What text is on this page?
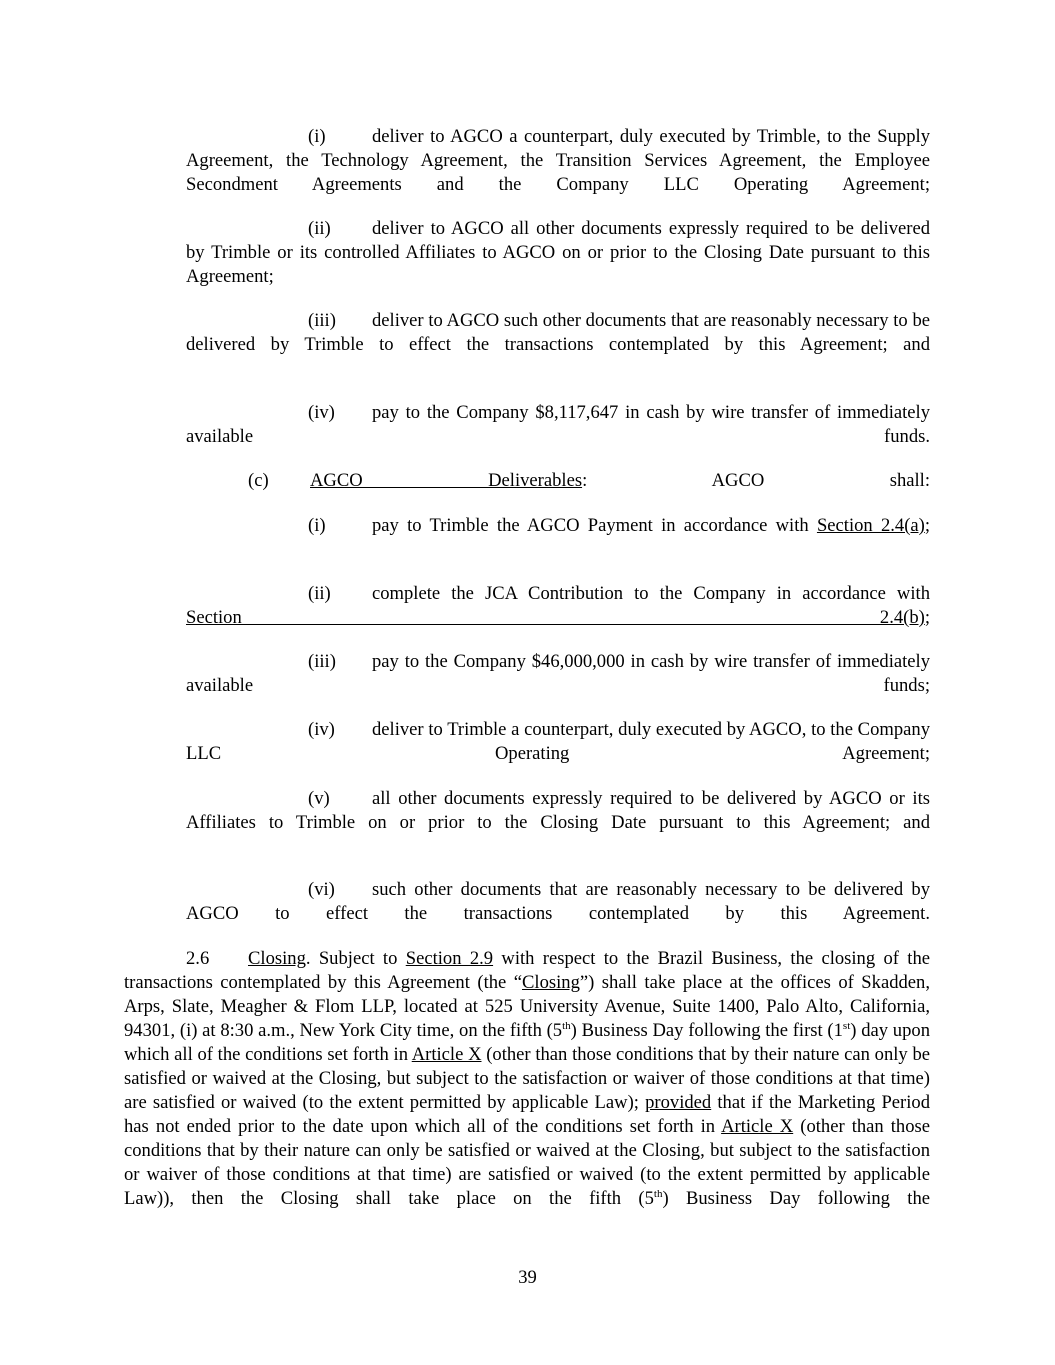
(i) deliver to AGCO a counterpart, duly executed by Trimble, to the Supply Agreement, the Technology Agreement, the Transition Services Agreement, the Employee Secondment Agreements and the Company LLC Operating Agreement;

(ii) deliver to AGCO all other documents expressly required to be delivered by Trimble or its controlled Affiliates to AGCO on or prior to the Closing Date pursuant to this Agreement;

(iii) deliver to AGCO such other documents that are reasonably necessary to be delivered by Trimble to effect the transactions contemplated by this Agreement; and

(iv) pay to the Company $8,117,647 in cash by wire transfer of immediately available funds.

(c) AGCO Deliverables: AGCO shall:

(i) pay to Trimble the AGCO Payment in accordance with Section 2.4(a);

(ii) complete the JCA Contribution to the Company in accordance with Section 2.4(b);

(iii) pay to the Company $46,000,000 in cash by wire transfer of immediately available funds;

(iv) deliver to Trimble a counterpart, duly executed by AGCO, to the Company LLC Operating Agreement;

(v) all other documents expressly required to be delivered by AGCO or its Affiliates to Trimble on or prior to the Closing Date pursuant to this Agreement; and

(vi) such other documents that are reasonably necessary to be delivered by AGCO to effect the transactions contemplated by this Agreement.

2.6 Closing. Subject to Section 2.9 with respect to the Brazil Business, the closing of the transactions contemplated by this Agreement (the “Closing”) shall take place at the offices of Skadden, Arps, Slate, Meagher & Flom LLP, located at 525 University Avenue, Suite 1400, Palo Alto, California, 94301, (i) at 8:30 a.m., New York City time, on the fifth (5th) Business Day following the first (1st) day upon which all of the conditions set forth in Article X (other than those conditions that by their nature can only be satisfied or waived at the Closing, but subject to the satisfaction or waiver of those conditions at that time) are satisfied or waived (to the extent permitted by applicable Law); provided that if the Marketing Period has not ended prior to the date upon which all of the conditions set forth in Article X (other than those conditions that by their nature can only be satisfied or waived at the Closing, but subject to the satisfaction or waiver of those conditions at that time) are satisfied or waived (to the extent permitted by applicable Law)), then the Closing shall take place on the fifth (5th) Business Day following the

39
